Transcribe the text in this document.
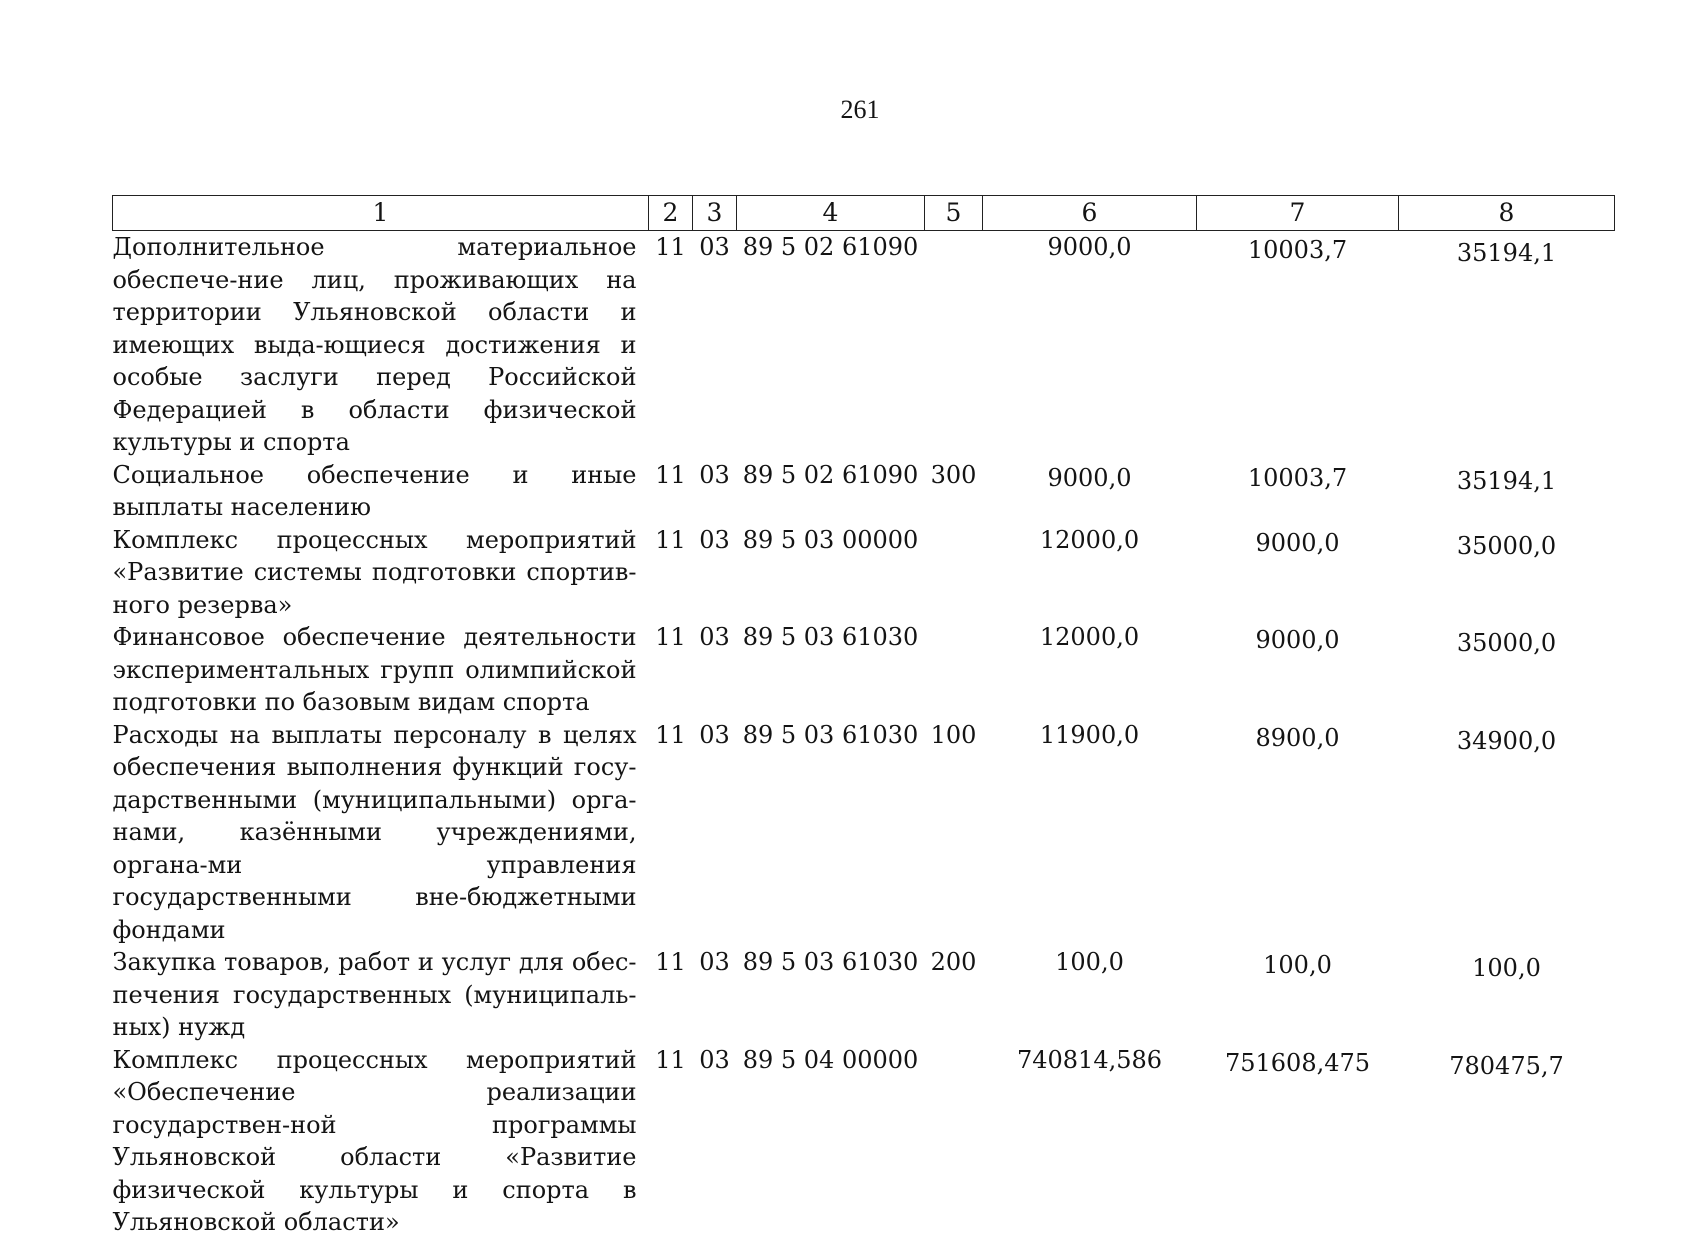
261
1	2	3	4	5	6	7	8
Дополнительное материальное обеспече-ние лиц, проживающих на территории Ульяновской области и имеющих выда-ющиеся достижения и особые заслуги перед Российской Федерацией в области физической культуры и спорта	11	03	89 5 02 61090		9000,0	10003,7	35194,1
Социальное обеспечение и иные выплаты населению	11	03	89 5 02 61090	300	9000,0	10003,7	35194,1
Комплекс процессных мероприятий «Развитие системы подготовки спортив-ного резерва»	11	03	89 5 03 00000		12000,0	9000,0	35000,0
Финансовое обеспечение деятельности экспериментальных групп олимпийской подготовки по базовым видам спорта	11	03	89 5 03 61030		12000,0	9000,0	35000,0
Расходы на выплаты персоналу в целях обеспечения выполнения функций госу-дарственными (муниципальными) орга-нами, казёнными учреждениями, органа-ми управления государственными вне-бюджетными фондами	11	03	89 5 03 61030	100	11900,0	8900,0	34900,0
Закупка товаров, работ и услуг для обес-печения государственных (муниципаль-ных) нужд	11	03	89 5 03 61030	200	100,0	100,0	100,0
Комплекс процессных мероприятий «Обеспечение реализации государствен-ной программы Ульяновской области «Развитие физической культуры и спорта в Ульяновской области»	11	03	89 5 04 00000		740814,586	751608,475	780475,7
